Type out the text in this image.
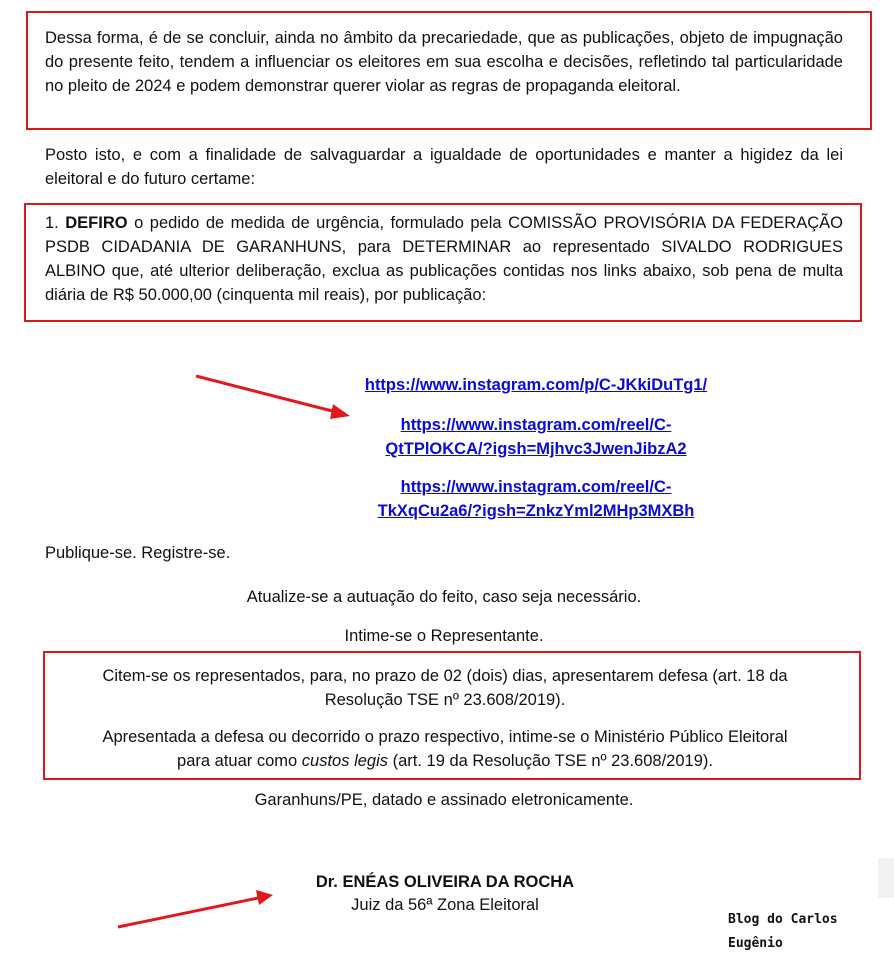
Dessa forma, é de se concluir, ainda no âmbito da precariedade, que as publicações, objeto de impugnação do presente feito, tendem a influenciar os eleitores em sua escolha e decisões, refletindo tal particularidade no pleito de 2024 e podem demonstrar querer violar as regras de propaganda eleitoral.
Posto isto, e com a finalidade de salvaguardar a igualdade de oportunidades e manter a higidez da lei eleitoral e do futuro certame:
1. DEFIRO o pedido de medida de urgência, formulado pela COMISSÃO PROVISÓRIA DA FEDERAÇÃO PSDB CIDADANIA DE GARANHUNS, para DETERMINAR ao representado SIVALDO RODRIGUES ALBINO que, até ulterior deliberação, exclua as publicações contidas nos links abaixo, sob pena de multa diária de R$ 50.000,00 (cinquenta mil reais), por publicação:
https://www.instagram.com/p/C-JKkiDuTg1/
https://www.instagram.com/reel/C-
QtTPlOKCA/?igsh=Mjhvc3JwenJibzA2
https://www.instagram.com/reel/C-
TkXqCu2a6/?igsh=ZnkzYml2MHp3MXBh
Publique-se. Registre-se.
Atualize-se a autuação do feito, caso seja necessário.
Intime-se o Representante.
Citem-se os representados, para, no prazo de 02 (dois) dias, apresentarem defesa (art. 18 da
Resolução TSE nº 23.608/2019).
Apresentada a defesa ou decorrido o prazo respectivo, intime-se o Ministério Público Eleitoral
para atuar como custos legis (art. 19 da Resolução TSE nº 23.608/2019).
Garanhuns/PE, datado e assinado eletronicamente.
Dr. ENÉAS OLIVEIRA DA ROCHA
Juiz da 56ª Zona Eleitoral
Blog do Carlos Eugênio
